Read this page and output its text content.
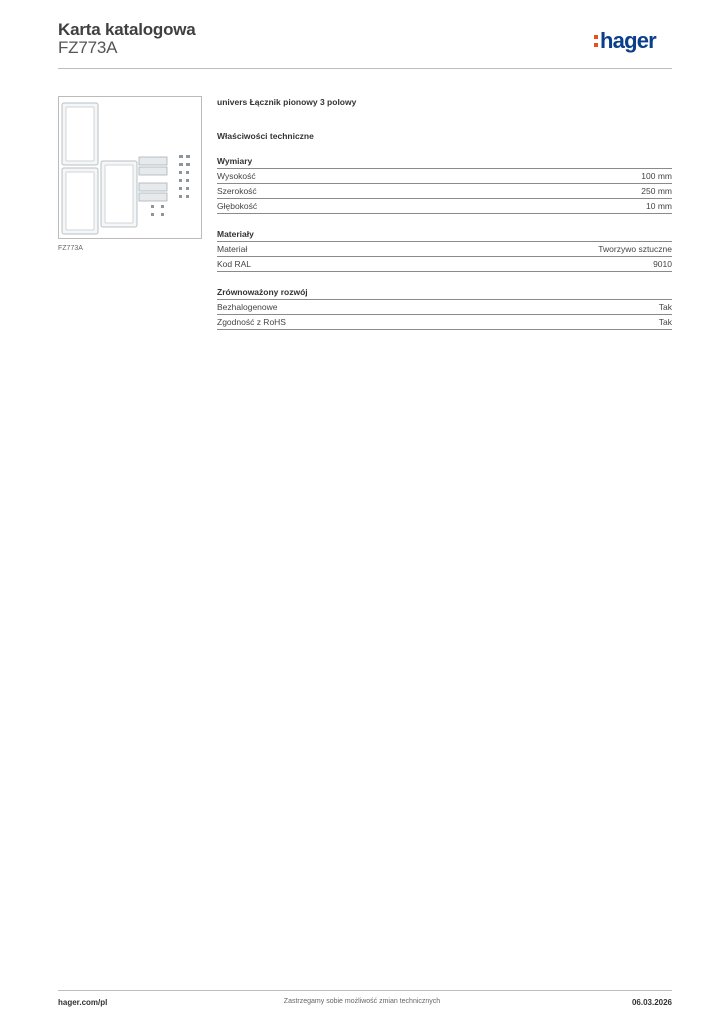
Karta katalogowa
FZ773A	hager
FZ773A
univers Łącznik pionowy 3 polowy
Właściwości techniczne
Wymiary
Wysokość	100 mm
Szerokość	250 mm
Głębokość	10 mm
Materiały
Materiał	Tworzywo sztuczne
Kod RAL	9010
Zrównoważony rozwój
Bezhalogenowe	Tak
Zgodność z RoHS	Tak
hager.com/pl	Zastrzegamy sobie możliwość zmian technicznych	06.03.2026
